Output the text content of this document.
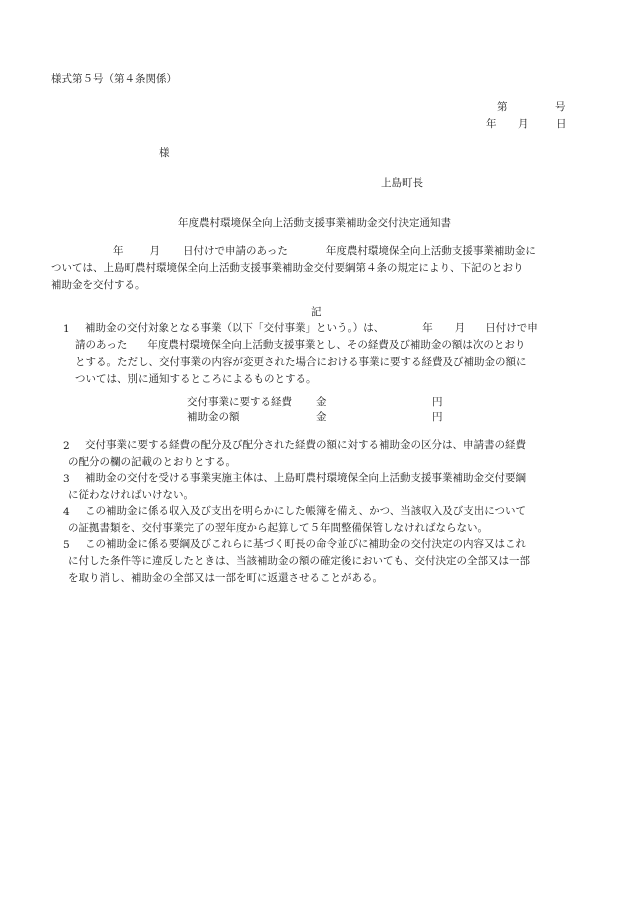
様式第５号（第４条関係）
第	号
年 月	日
様
上島町長
年度農村環境保全向上活動支援事業補助金交付決定通知書
年 月 日付けで申請のあった	年度農村環境保全向上活動支援事業補助金に
ついては、上島町農村環境保全向上活動支援事業補助金交付要綱第４条の規定により、下記のとおり
補助金を交付する。
記
1 補助金の交付対象となる事業（以下「交付事業」という。）は、	年 月 日付けで申
請のあった 年度農村環境保全向上活動支援事業とし、その経費及び補助金の額は次のとおり
とする。ただし、交付事業の内容が変更された場合における事業に要する経費及び補助金の額に
ついては、別に通知するところによるものとする。
交付事業に要する経費 金	円
補助金の額	金	円
2 交付事業に要する経費の配分及び配分された経費の額に対する補助金の区分は、申請書の経費
の配分の欄の記載のとおりとする。
3 補助金の交付を受ける事業実施主体は、上島町農村環境保全向上活動支援事業補助金交付要綱
に従わなければいけない。
4 この補助金に係る収入及び支出を明らかにした帳簿を備え、かつ、当該収入及び支出について
の証拠書類を、交付事業完了の翌年度から起算して５年間整備保管しなければならない。
5 この補助金に係る要綱及びこれらに基づく町長の命令並びに補助金の交付決定の内容又はこれ
に付した条件等に違反したときは、当該補助金の額の確定後においても、交付決定の全部又は一部
を取り消し、補助金の全部又は一部を町に返還させることがある。
